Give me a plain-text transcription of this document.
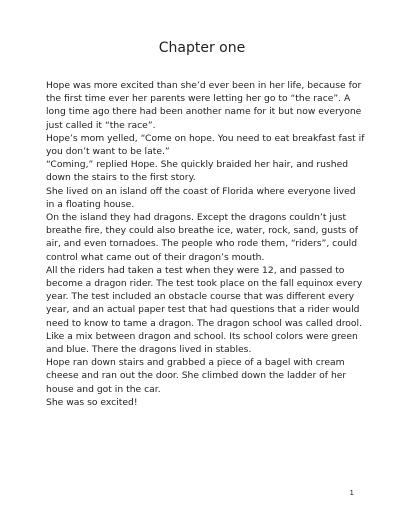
Chapter one

Hope was more excited than she’d ever been in her life, because for the first time ever her parents were letting her go to “the race”. A long time ago there had been another name for it but now everyone just called it “the race”.

Hope’s mom yelled, “Come on hope. You need to eat breakfast fast if you don’t want to be late.”

“Coming,” replied Hope. She quickly braided her hair, and rushed down the stairs to the first story.

She lived on an island off the coast of Florida where everyone lived in a floating house.

On the island they had dragons. Except the dragons couldn’t just breathe fire, they could also breathe ice, water, rock, sand, gusts of air, and even tornadoes. The people who rode them, “riders”, could control what came out of their dragon’s mouth.

All the riders had taken a test when they were 12, and passed to become a dragon rider. The test took place on the fall equinox every year. The test included an obstacle course that was different every year, and an actual paper test that had questions that a rider would need to know to tame a dragon. The dragon school was called drool. Like a mix between dragon and school. Its school colors were green and blue. There the dragons lived in stables.

Hope ran down stairs and grabbed a piece of a bagel with cream cheese and ran out the door. She climbed down the ladder of her house and got in the car.

She was so excited!

1
